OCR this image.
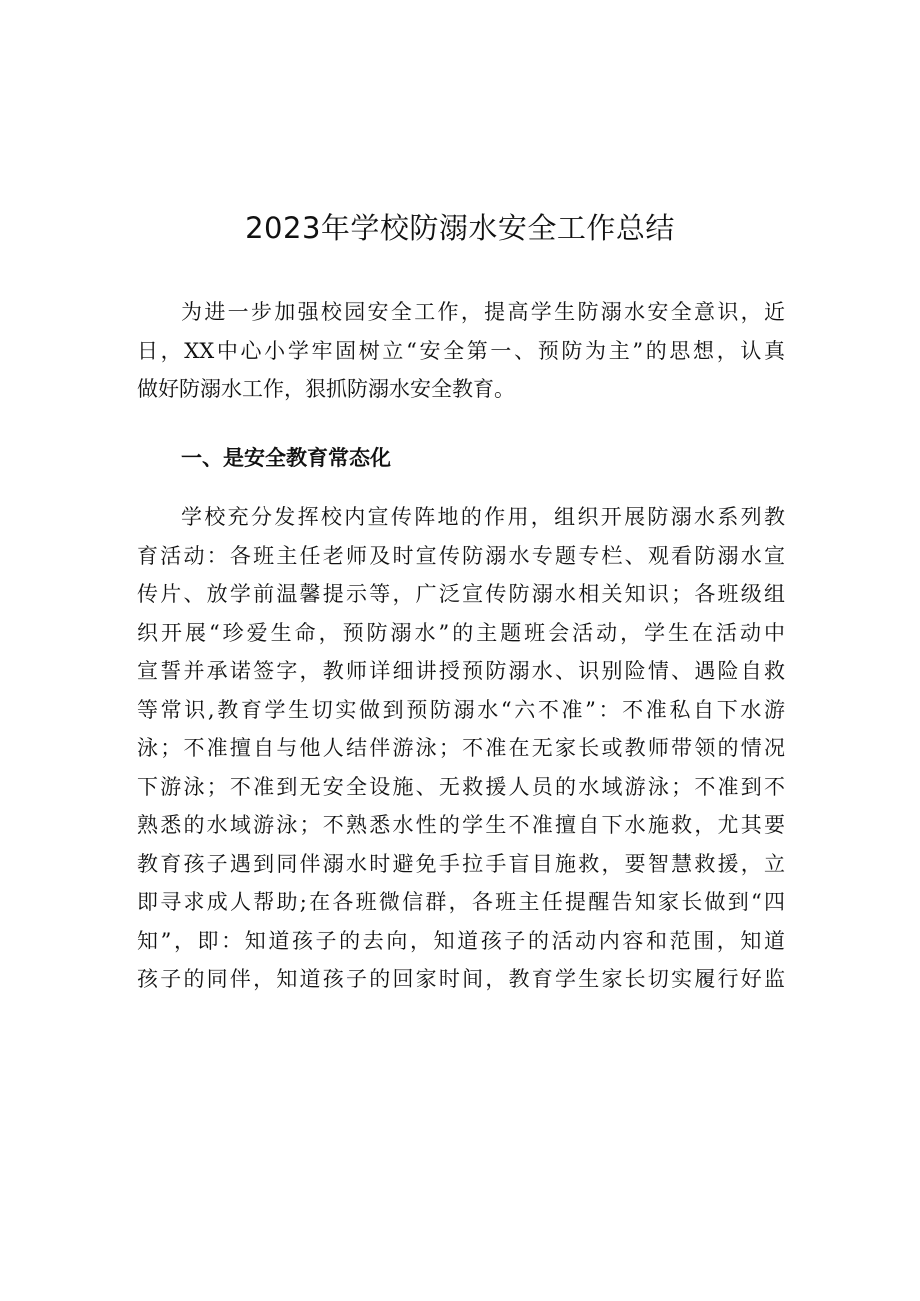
2023年学校防溺水安全工作总结
为进一步加强校园安全工作，提高学生防溺水安全意识，近
日，XX中心小学牢固树立“安全第一、预防为主”的思想，认真
做好防溺水工作，狠抓防溺水安全教育。
一、是安全教育常态化
学校充分发挥校内宣传阵地的作用，组织开展防溺水系列教
育活动：各班主任老师及时宣传防溺水专题专栏、观看防溺水宣
传片、放学前温馨提示等，广泛宣传防溺水相关知识；各班级组
织开展“珍爱生命，预防溺水”的主题班会活动，学生在活动中
宣誓并承诺签字，教师详细讲授预防溺水、识别险情、遇险自救
等常识,教育学生切实做到预防溺水“六不准”：不准私自下水游
泳；不准擅自与他人结伴游泳；不准在无家长或教师带领的情况
下游泳；不准到无安全设施、无救援人员的水域游泳；不准到不
熟悉的水域游泳；不熟悉水性的学生不准擅自下水施救，尤其要
教育孩子遇到同伴溺水时避免手拉手盲目施救，要智慧救援，立
即寻求成人帮助;在各班微信群，各班主任提醒告知家长做到“四
知”，即：知道孩子的去向，知道孩子的活动内容和范围，知道
孩子的同伴，知道孩子的回家时间，教育学生家长切实履行好监
